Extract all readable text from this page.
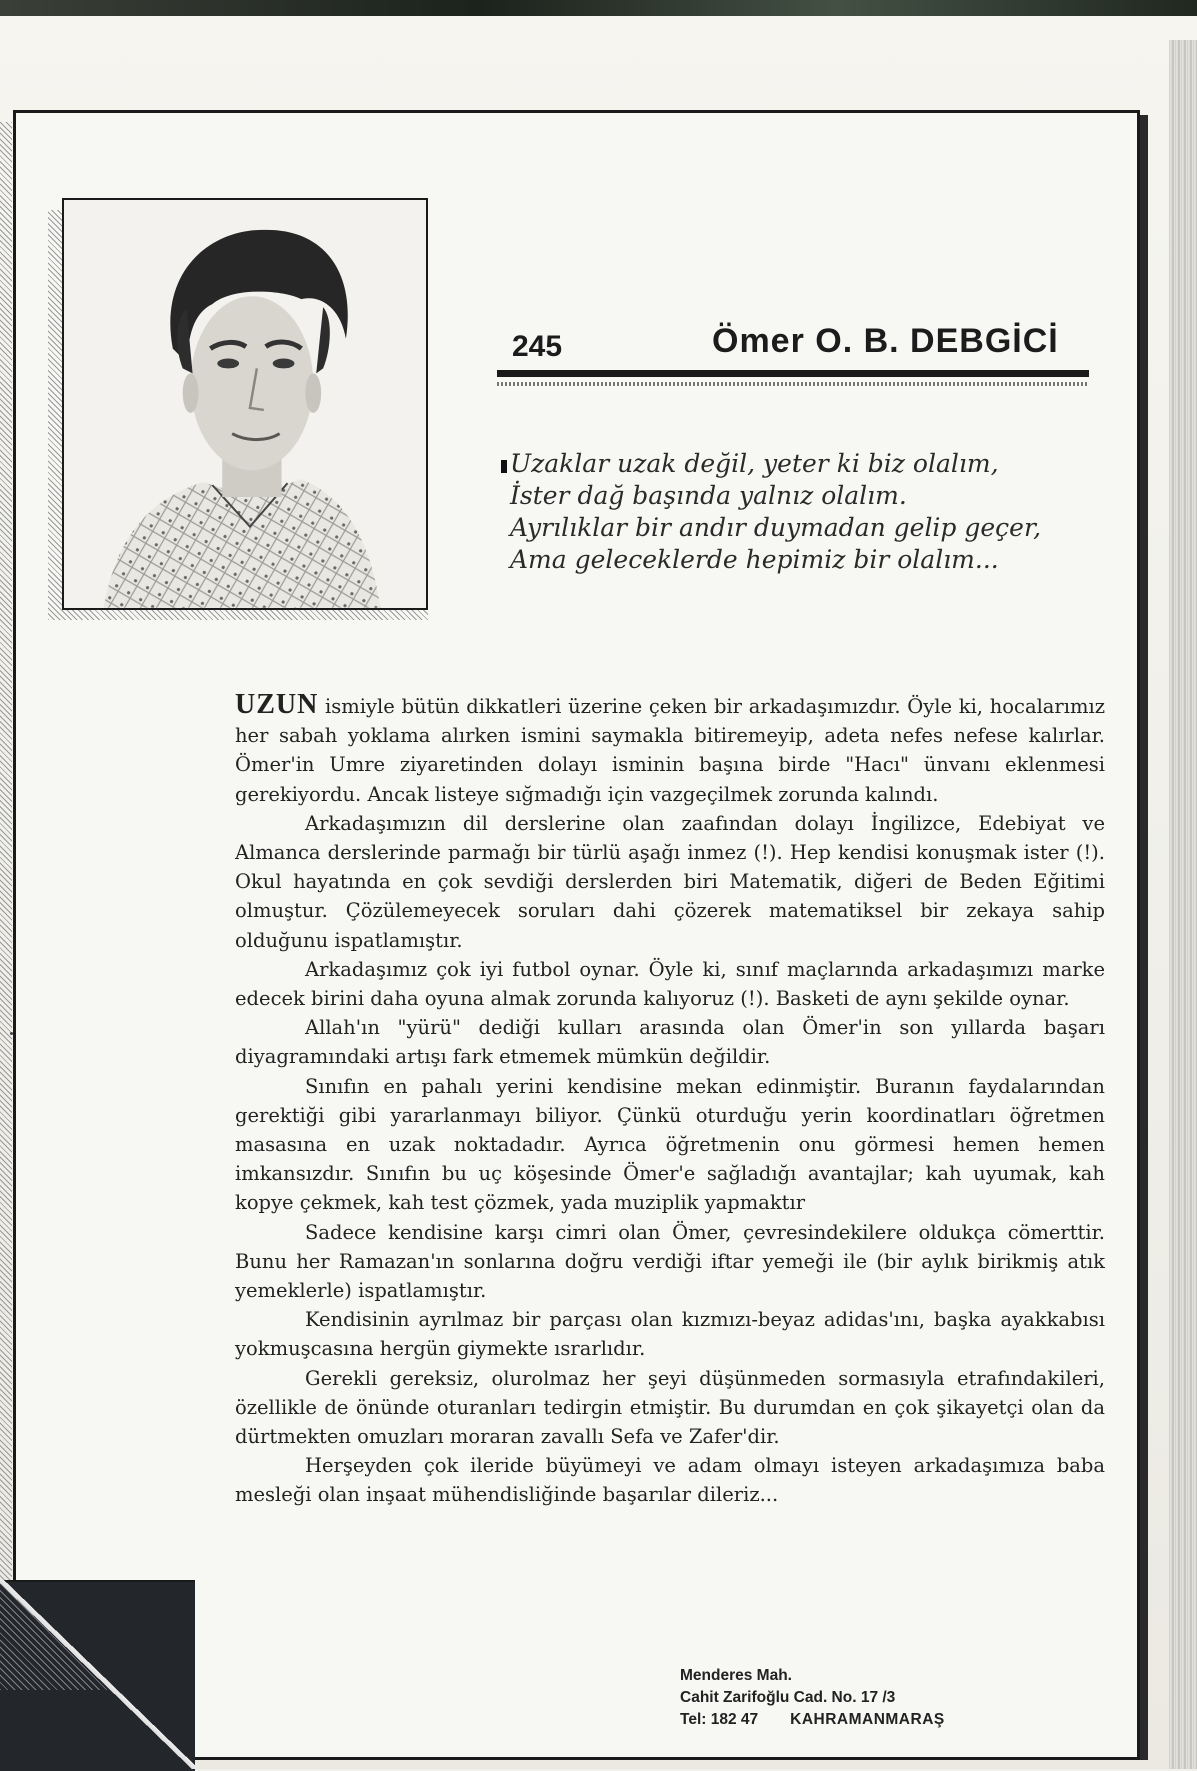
245	Ömer O. B. DEBGİCİ
Uzaklar uzak değil, yeter ki biz olalım,
İster dağ başında yalnız olalım.
Ayrılıklar bir andır duymadan gelip geçer,
Ama geleceklerde hepimiz bir olalım...

UZUN ismiyle bütün dikkatleri üzerine çeken bir arkadaşımızdır. Öyle ki, hocalarımız her sabah yoklama alırken ismini saymakla bitiremeyip, adeta nefes nefese kalırlar. Ömer'in Umre ziyaretinden dolayı isminin başına birde "Hacı" ünvanı eklenmesi gerekiyordu. Ancak listeye sığmadığı için vazgeçilmek zorunda kalındı.

Arkadaşımızın dil derslerine olan zaafından dolayı İngilizce, Edebiyat ve Almanca derslerinde parmağı bir türlü aşağı inmez (!). Hep kendisi konuşmak ister (!). Okul hayatında en çok sevdiği derslerden biri Matematik, diğeri de Beden Eğitimi olmuştur. Çözülemeyecek soruları dahi çözerek matematiksel bir zekaya sahip olduğunu ispatlamıştır.

Arkadaşımız çok iyi futbol oynar. Öyle ki, sınıf maçlarında arkadaşımızı marke edecek birini daha oyuna almak zorunda kalıyoruz (!). Basketi de aynı şekilde oynar.

Allah'ın "yürü" dediği kulları arasında olan Ömer'in son yıllarda başarı diyagramındaki artışı fark etmemek mümkün değildir.

Sınıfın en pahalı yerini kendisine mekan edinmiştir. Buranın faydalarından gerektiği gibi yararlanmayı biliyor. Çünkü oturduğu yerin koordinatları öğretmen masasına en uzak noktadadır. Ayrıca öğretmenin onu görmesi hemen hemen imkansızdır. Sınıfın bu uç köşesinde Ömer'e sağladığı avantajlar; kah uyumak, kah kopye çekmek, kah test çözmek, yada muziplik yapmaktır

Sadece kendisine karşı cimri olan Ömer, çevresindekilere oldukça cömerttir. Bunu her Ramazan'ın sonlarına doğru verdiği iftar yemeği ile (bir aylık birikmiş atık yemeklerle) ispatlamıştır.

Kendisinin ayrılmaz bir parçası olan kızmızı-beyaz adidas'ını, başka ayakkabısı yokmuşcasına hergün giymekte ısrarlıdır.

Gerekli gereksiz, olurolmaz her şeyi düşünmeden sormasıyla etrafındakileri, özellikle de önünde oturanları tedirgin etmiştir. Bu durumdan en çok şikayetçi olan da dürtmekten omuzları moraran zavallı Sefa ve Zafer'dir.

Herşeyden çok ileride büyümeyi ve adam olmayı isteyen arkadaşımıza baba mesleği olan inşaat mühendisliğinde başarılar dileriz...

Menderes Mah.
Cahit Zarifoğlu Cad. No. 17 /3
Tel: 182 47 KAHRAMANMARAŞ
